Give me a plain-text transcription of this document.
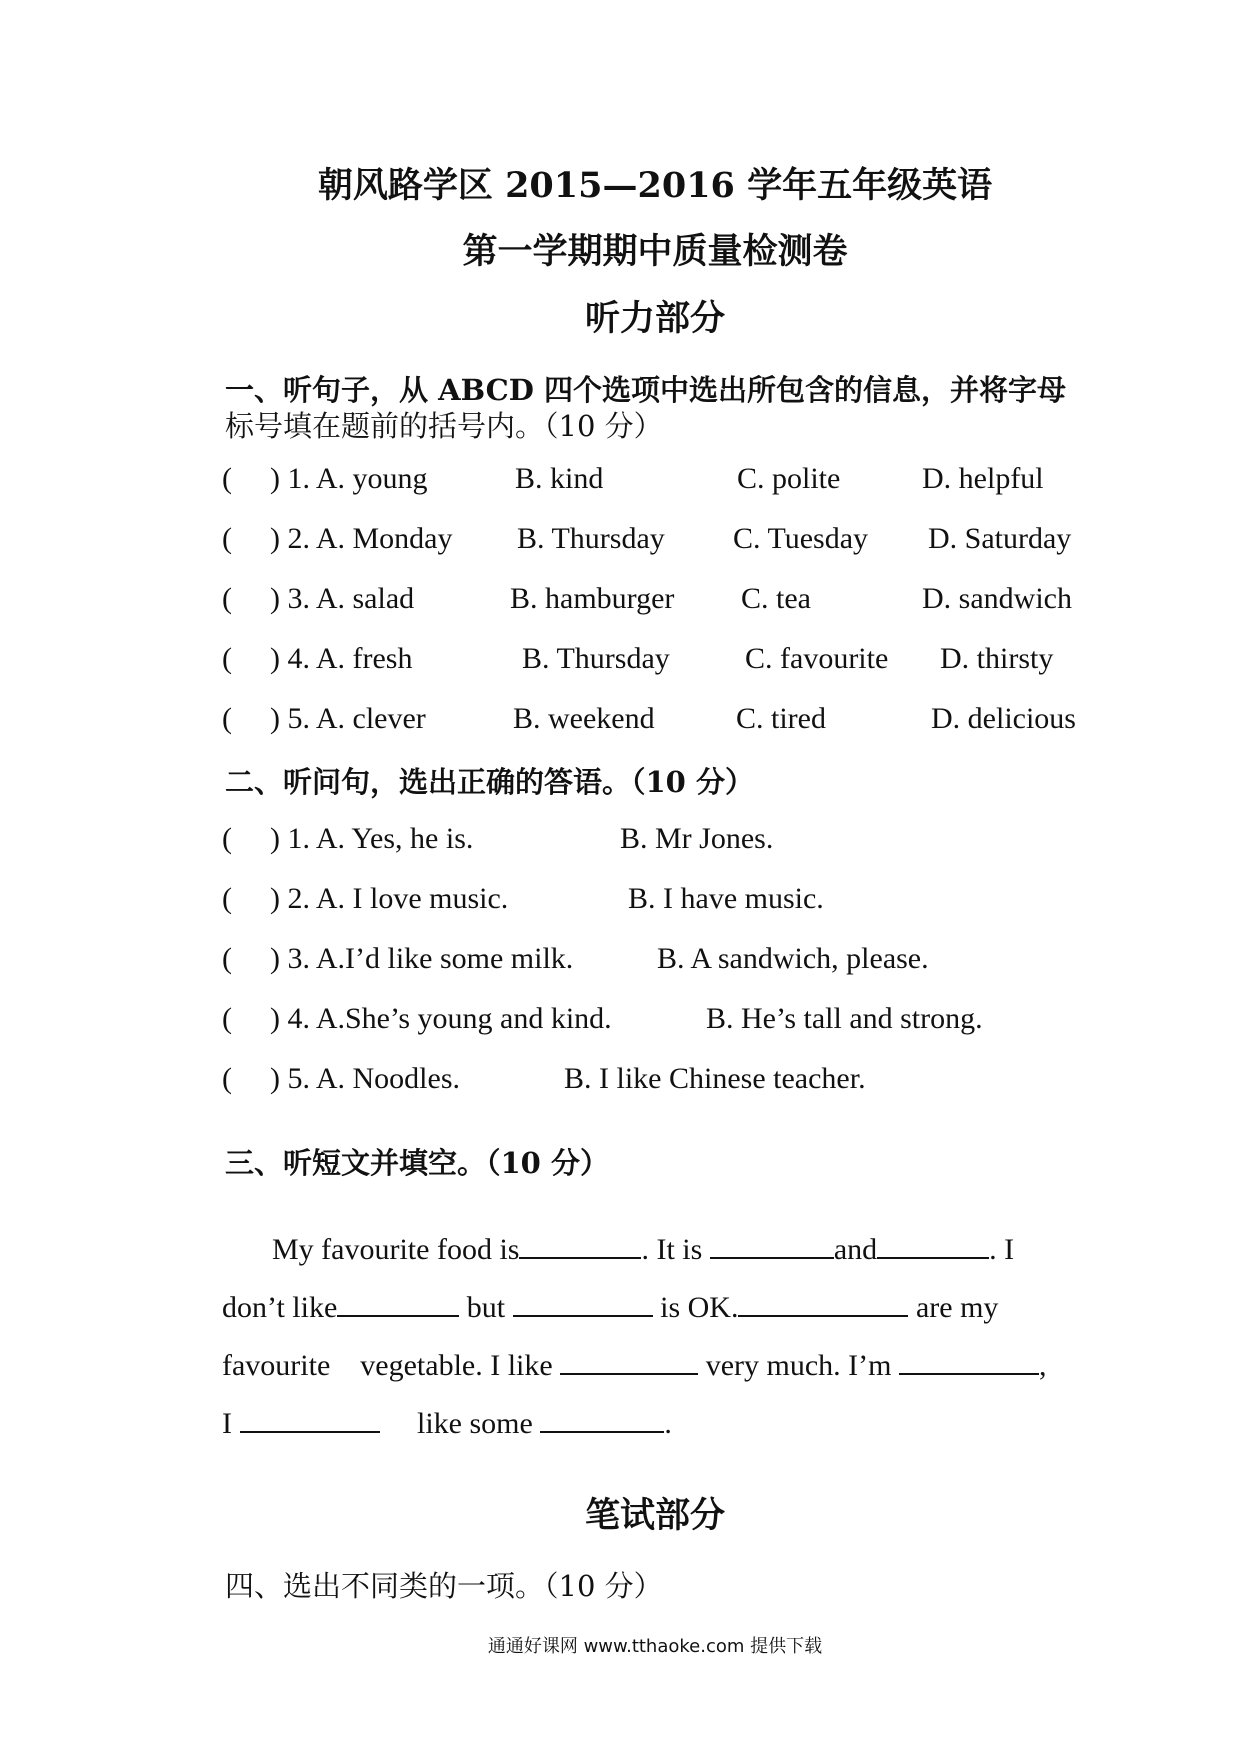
朝风路学区 2015—2016 学年五年级英语
第一学期期中质量检测卷
听力部分
一、听句子，从 ABCD 四个选项中选出所包含的信息，并将字母
标号填在题前的括号内。（10 分）
( ) 1. A. young	B. kind	C. polite	D. helpful
( ) 2. A. Monday B. Thursday C. Tuesday D. Saturday
( ) 3. A. salad	B. hamburger C. tea	D. sandwich
( ) 4. A. fresh	B. Thursday	C. favourite D. thirsty
( ) 5. A. clever	B. weekend	C. tired	D. delicious
二、听问句，选出正确的答语。（10 分）
( ) 1. A. Yes, he is.	B. Mr Jones.
( ) 2. A. I love music.	B. I have music.
( ) 3. A.I’d like some milk.	B. A sandwich, please.
( ) 4. A.She’s young and kind.	B. He’s tall and strong.
( ) 5. A. Noodles.	B. I like Chinese teacher.
三、听短文并填空。（10 分）
My favourite food is	. It is	and	. I
don’t like	but	is OK.	are my
favourite vegetable. I like	very much. I’m	,
I	like some	.
笔试部分
四、选出不同类的一项。（10 分）
通通好课网 www.tthaoke.com 提供下载
